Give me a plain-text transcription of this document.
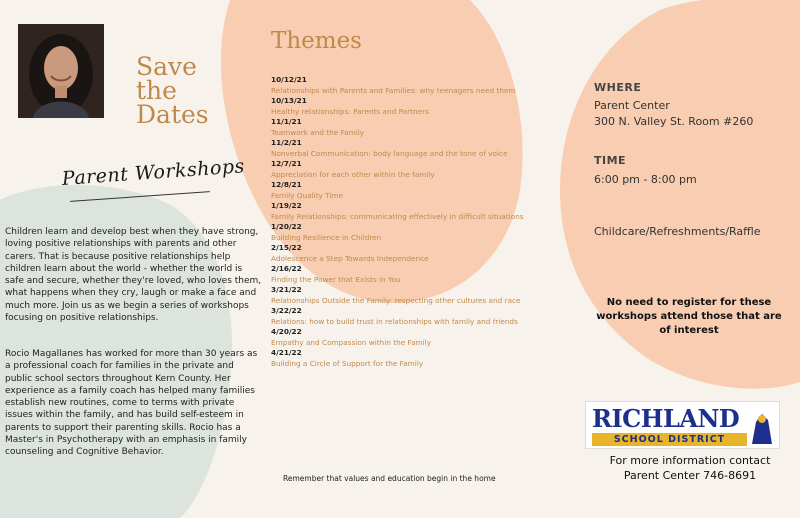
Save
the
Dates
Parent Workshops
Children learn and develop best when they have strong, loving positive relationships with parents and other carers. That is because positive relationships help children learn about the world - whether the world is safe and secure, whether they're loved, who loves them, what happens when they cry, laugh or make a face and much more. Join us as we begin a series of workshops focusing on positive relationships.
Rocio Magallanes has worked for more than 30 years as a professional coach for families in the private and public school sectors throughout Kern County. Her experience as a family coach has helped many families establish new routines, come to terms with private issues within the family, and has build self-esteem in parents to support their parenting skills. Rocio has a Master's in Psychotherapy with an emphasis in family counseling and Cognitive Behavior.
Themes
10/12/21
Relationships with Parents and Families: why teenagers need them
10/13/21
Healthy relationships: Parents and Partners
11/1/21
Teamwork and the Family
11/2/21
Nonverbal Communication: body language and the tone of voice
12/7/21
Appreciation for each other within the family
12/8/21
Family Quality Time
1/19/22
Family Relationships: communicating effectively in difficult situations
1/20/22
Building Resilience in Children
2/15/22
Adolescence a Step Towards Independence
2/16/22
Finding the Power that Exists in You
3/21/22
Relationships Outside the Family: respecting other cultures and race
3/22/22
Relations: how to build trust in relationships with family and friends
4/20/22
Empathy and Compassion within the Family
4/21/22
Building a Circle of Support for the Family
Remember that values and education begin in the home
WHERE
Parent Center
300 N. Valley St. Room #260
TIME
6:00 pm - 8:00 pm
Childcare/Refreshments/Raffle
No need to register for these workshops attend those that are of interest
RICHLAND
SCHOOL DISTRICT
For more information contact
Parent Center 746-8691
